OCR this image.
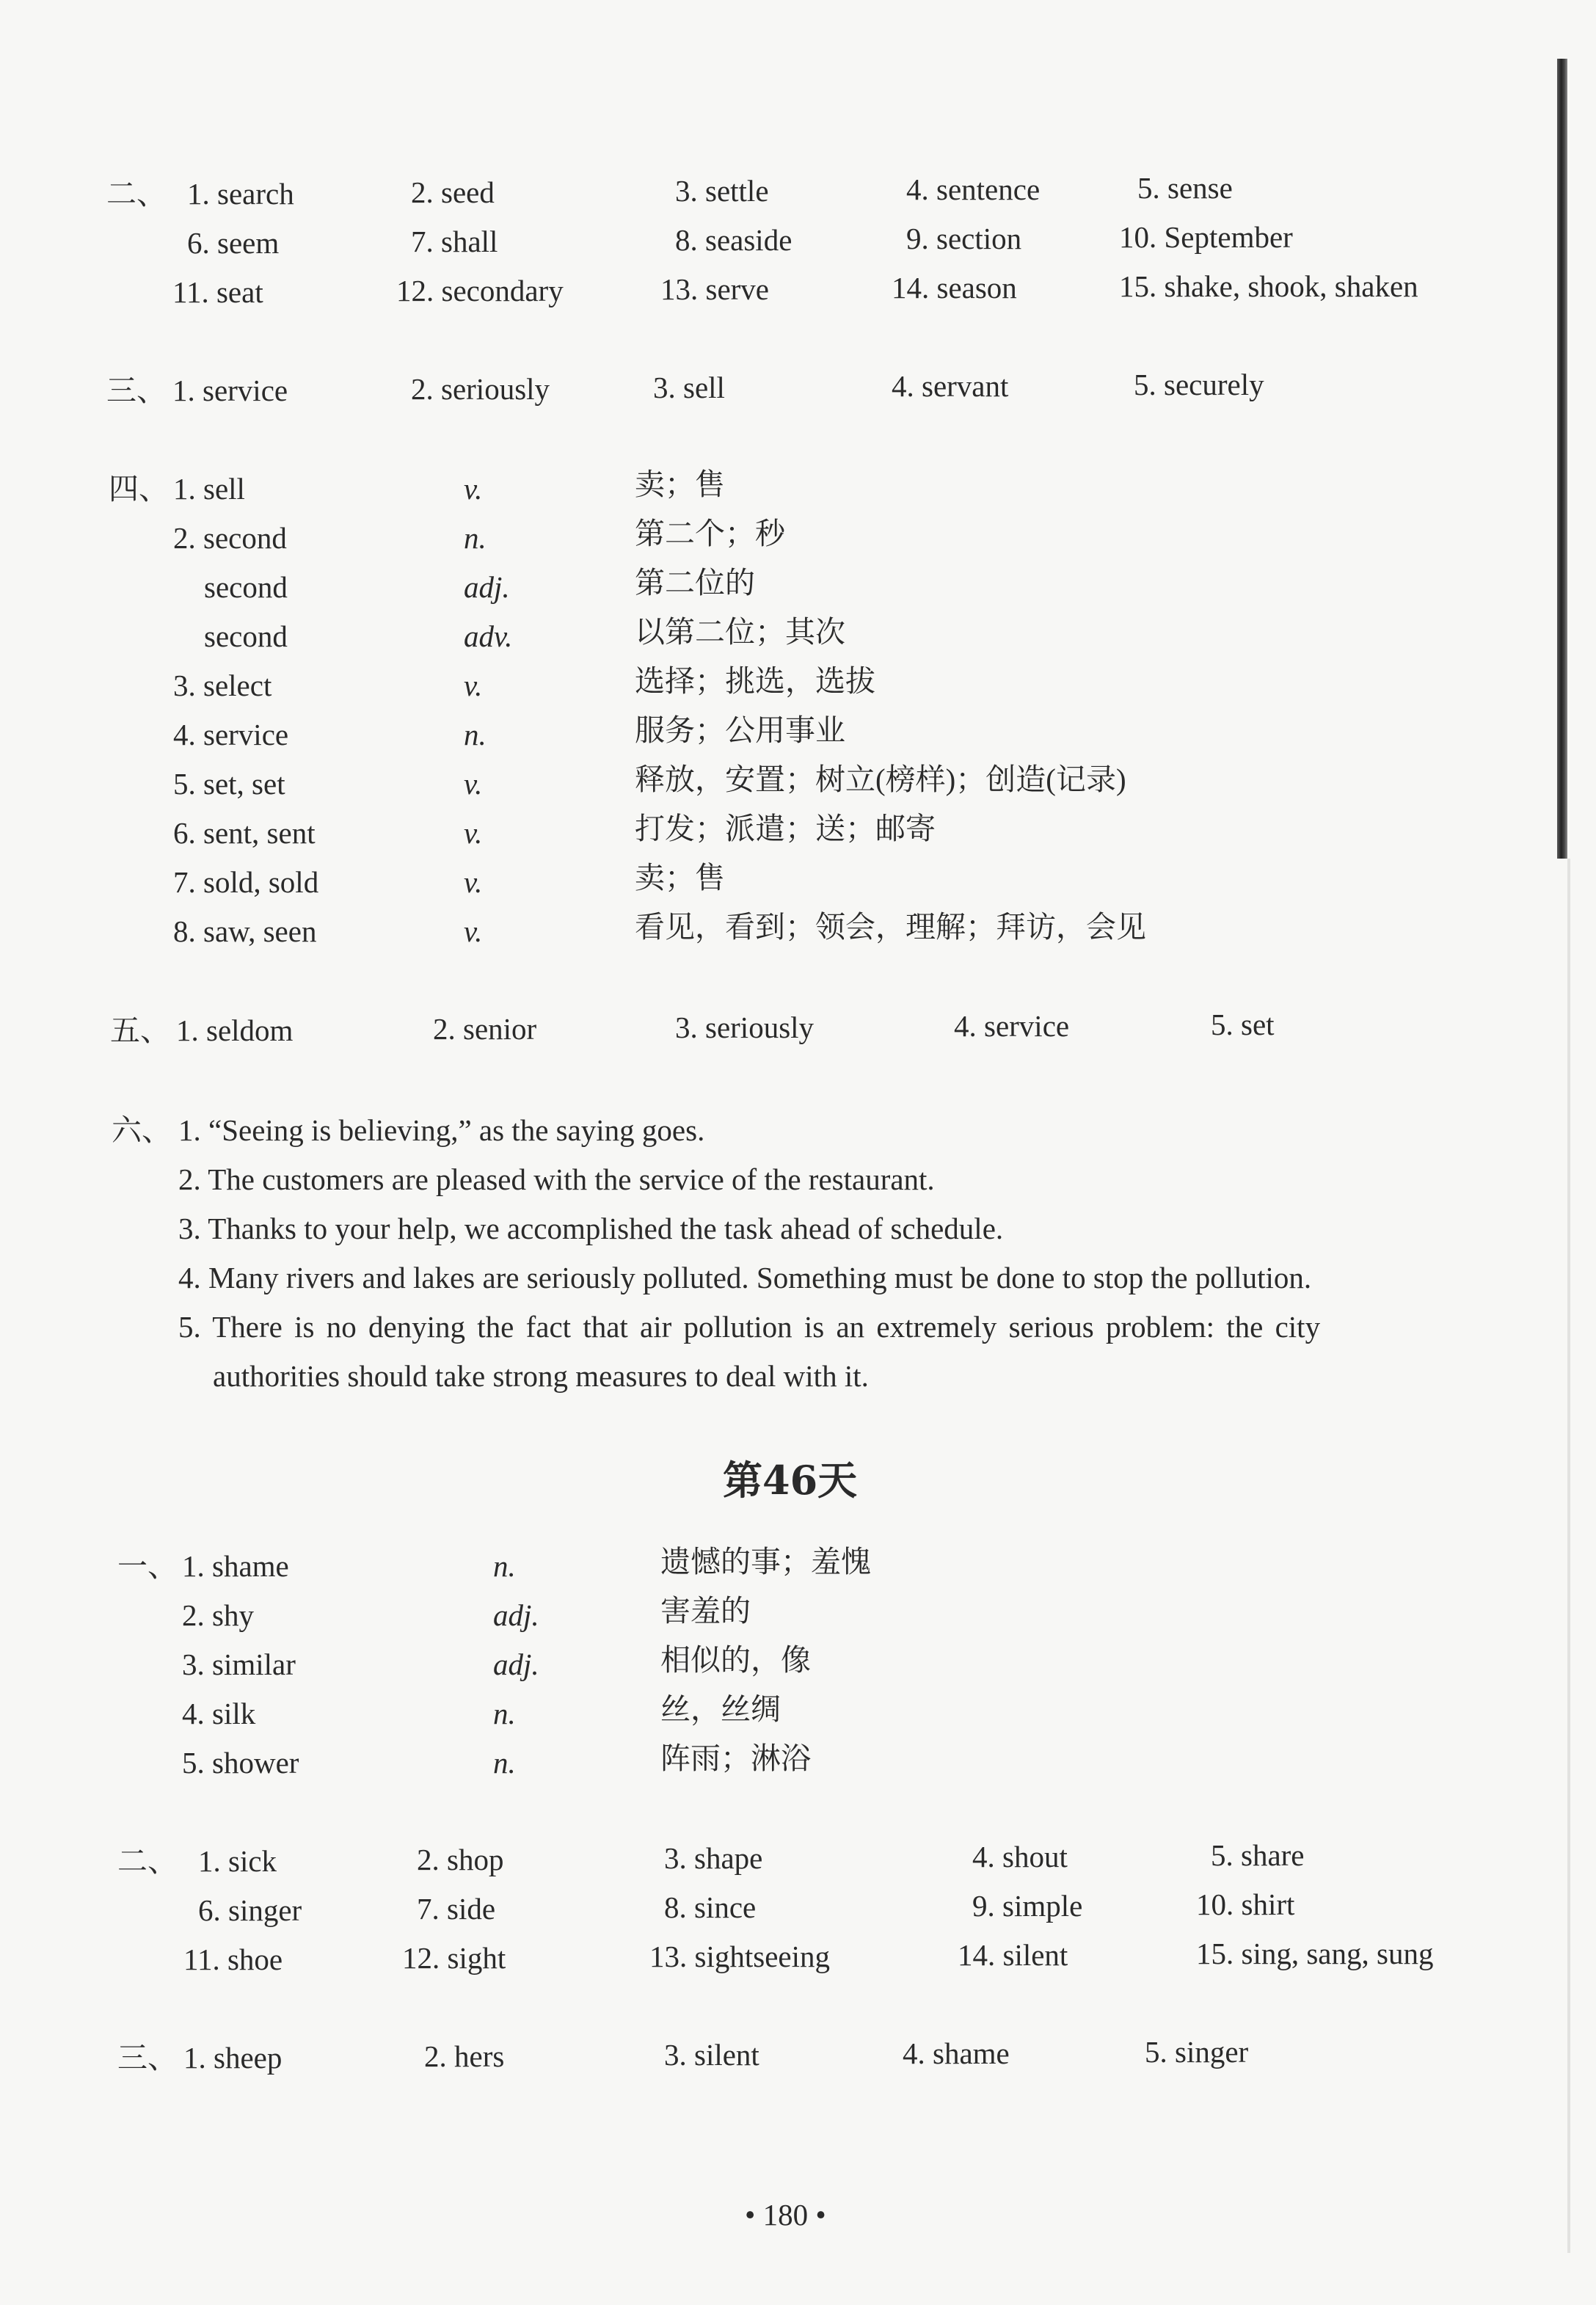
二、 1. search	2. seed	3. settle	4. sentence	5. sense
6. seem	7. shall	8. seaside	9. section	10. September
11. seat	12. secondary	13. serve	14. season	15. shake, shook, shaken
三、 1. service	2. seriously	3. sell	4. servant	5. securely
四、 1. sell	v.	卖；售
2. second	n.	第二个；秒
second	adj.	第二位的
second	adv.	以第二位；其次
3. select	v.	选择；挑选，选拔
4. service	n.	服务；公用事业
5. set, set	v.	释放，安置；树立(榜样)；创造(记录)
6. sent, sent	v.	打发；派遣；送；邮寄
7. sold, sold	v.	卖；售
8. saw, seen	v.	看见，看到；领会，理解；拜访，会见
五、 1. seldom	2. senior	3. seriously	4. service	5. set
六、 1. “Seeing is believing,” as the saying goes.
2. The customers are pleased with the service of the restaurant.
3. Thanks to your help, we accomplished the task ahead of schedule.
4. Many rivers and lakes are seriously polluted. Something must be done to stop the pollution.
5. There is no denying the fact that air pollution is an extremely serious problem: the city
authorities should take strong measures to deal with it.
第46天
一、 1. shame	n.	遗憾的事；羞愧
2. shy	adj.	害羞的
3. similar	adj.	相似的，像
4. silk	n.	丝，丝绸
5. shower	n.	阵雨；淋浴
二、 1. sick	2. shop	3. shape	4. shout	5. share
6. singer	7. side	8. since	9. simple	10. shirt
11. shoe	12. sight	13. sightseeing	14. silent	15. sing, sang, sung
三、 1. sheep	2. hers	3. silent	4. shame	5. singer
• 180 •
